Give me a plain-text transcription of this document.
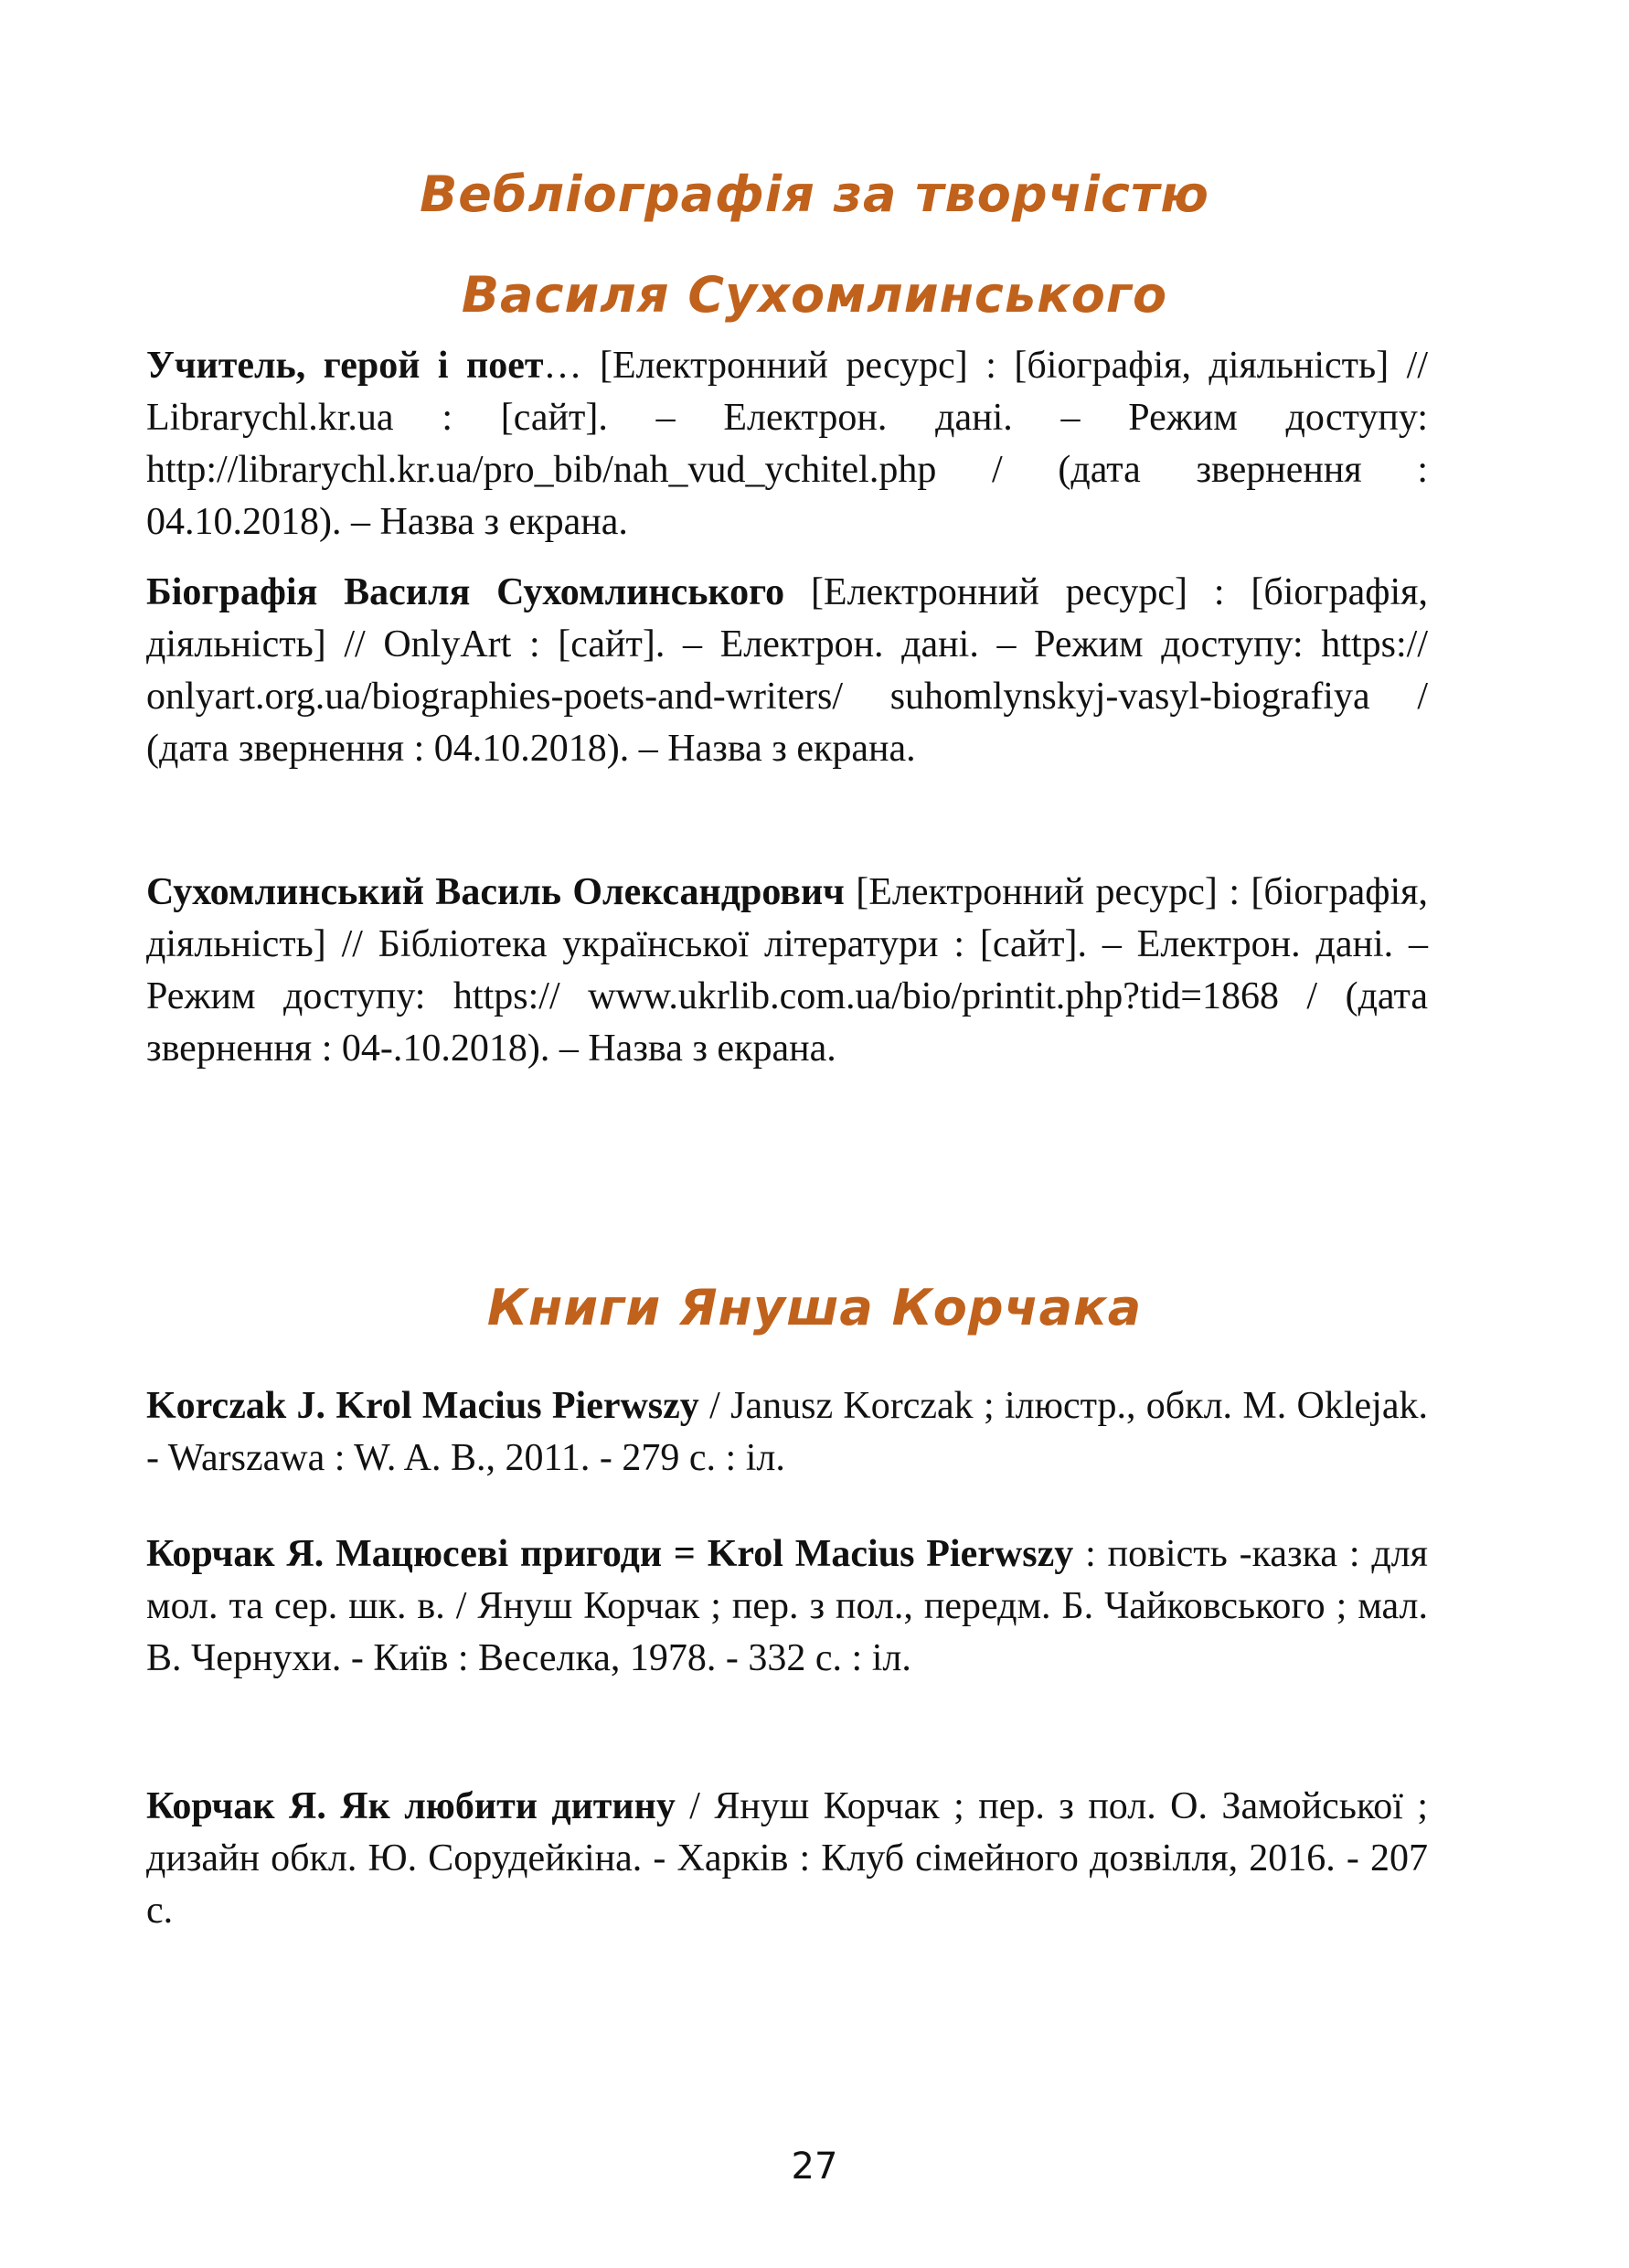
Вебліографія за творчістю
Василя Сухомлинського

Учитель, герой і поет… [Електронний ресурс] : [біографія, діяльність] // Librarychl.kr.ua : [сайт]. – Електрон. дані. – Режим доступу: http://librarychl.kr.ua/pro_bib/nah_vud_ychitel.php / (дата звернення : 04.10.2018). – Назва з екрана.

Біографія Василя Сухомлинського [Електронний ресурс] : [біографія, діяльність] // OnlyArt : [сайт]. – Електрон. дані. – Режим доступу: https:// onlyart.org.ua/biographies-poets-and-writers/ suhomlynskyj-vasyl-biografiya / (дата звернення : 04.10.2018). – Назва з екрана.

Сухомлинський Василь Олександрович [Електронний ресурс] : [біографія, діяльність] // Бібліотека української літератури : [сайт]. – Електрон. дані. – Режим доступу: https:// www.ukrlib.com.ua/bio/printit.php?tid=1868 / (дата звернення : 04-.10.2018). – Назва з екрана.

Книги Януша Корчака

Korczak J. Krol Macius Pierwszy / Janusz Korczak ; ілюстр., обкл. M. Oklejak. - Warszawa : W. A. B., 2011. - 279 с. : іл.

Корчак Я. Мацюсеві пригоди = Krol Macius Pierwszy : повість -казка : для мол. та сер. шк. в. / Януш Корчак ; пер. з пол., передм. Б. Чайковського ; мал. В. Чернухи. - Київ : Веселка, 1978. - 332 с. : іл.

Корчак Я. Як любити дитину / Януш Корчак ; пер. з пол. О. Замойської ; дизайн обкл. Ю. Сорудейкіна. - Харків : Клуб сімейного дозвілля, 2016. - 207 с.

27
